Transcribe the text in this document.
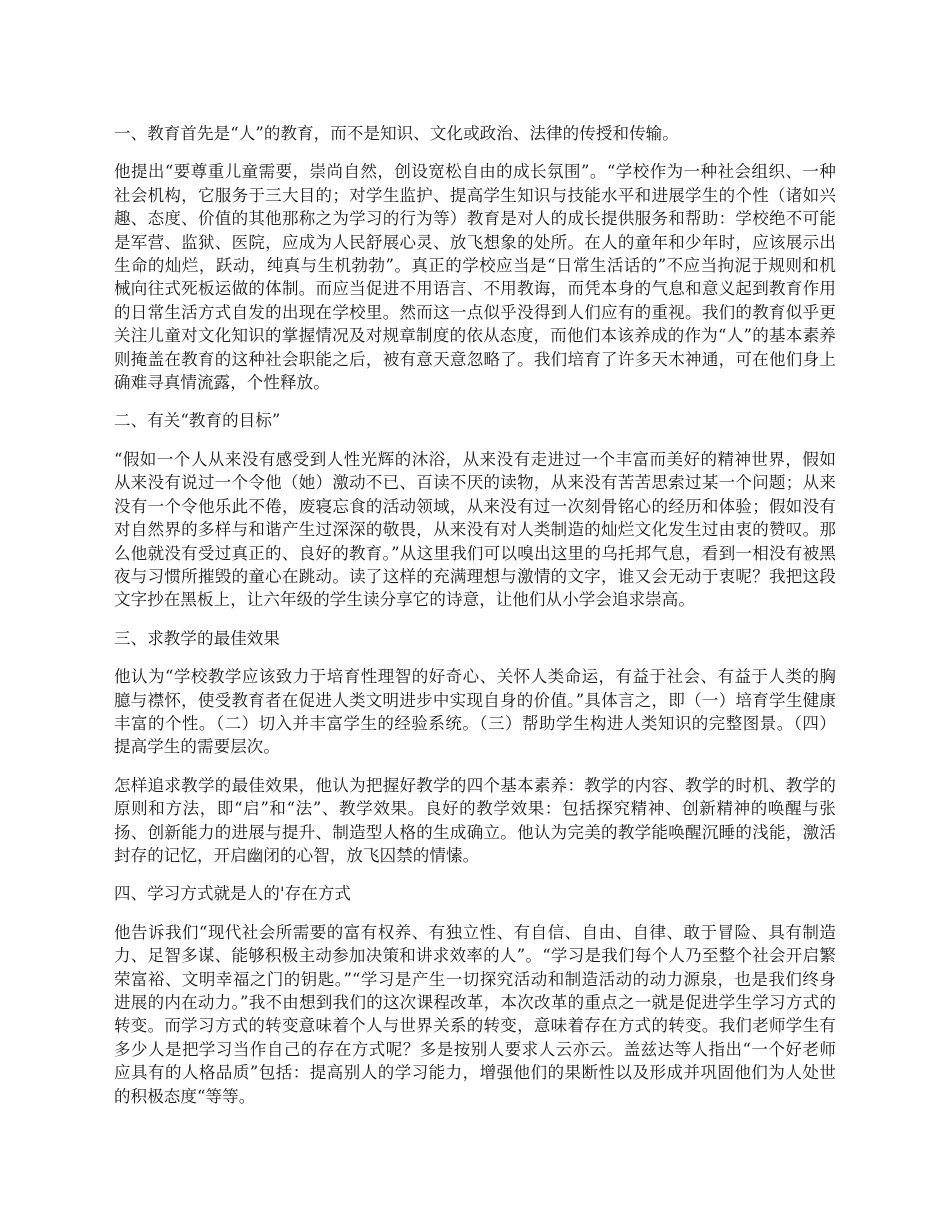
一、教育首先是“人”的教育，而不是知识、文化或政治、法律的传授和传输。

他提出“要尊重儿童需要，崇尚自然，创设宽松自由的成长氛围”。“学校作为一种社会组织、一种社会机构，它服务于三大目的；对学生监护、提高学生知识与技能水平和进展学生的个性（诸如兴趣、态度、价值的其他那称之为学习的行为等）教育是对人的成长提供服务和帮助：学校绝不可能是军营、监狱、医院，应成为人民舒展心灵、放飞想象的处所。在人的童年和少年时，应该展示出生命的灿烂，跃动，纯真与生机勃勃”。真正的学校应当是“日常生活话的”不应当拘泥于规则和机械向往式死板运做的体制。而应当促进不用语言、不用教诲，而凭本身的气息和意义起到教育作用的日常生活方式自发的出现在学校里。然而这一点似乎没得到人们应有的重视。我们的教育似乎更关注儿童对文化知识的掌握情况及对规章制度的依从态度，而他们本该养成的作为“人”的基本素养则掩盖在教育的这种社会职能之后，被有意天意忽略了。我们培育了许多天木神通，可在他们身上确难寻真情流露，个性释放。

二、有关“教育的目标”

“假如一个人从来没有感受到人性光辉的沐浴，从来没有走进过一个丰富而美好的精神世界，假如从来没有说过一个令他（她）激动不已、百读不厌的读物，从来没有苦苦思索过某一个问题；从来没有一个令他乐此不倦，废寝忘食的活动领域，从来没有过一次刻骨铭心的经历和体验；假如没有对自然界的多样与和谐产生过深深的敬畏，从来没有对人类制造的灿烂文化发生过由衷的赞叹。那么他就没有受过真正的、良好的教育。”从这里我们可以嗅出这里的乌托邦气息，看到一相没有被黑夜与习惯所摧毁的童心在跳动。读了这样的充满理想与激情的文字，谁又会无动于衷呢？我把这段文字抄在黑板上，让六年级的学生读分享它的诗意，让他们从小学会追求崇高。

三、求教学的最佳效果

他认为“学校教学应该致力于培育性理智的好奇心、关怀人类命运，有益于社会、有益于人类的胸臆与襟怀，使受教育者在促进人类文明进步中实现自身的价值。”具体言之，即（一）培育学生健康丰富的个性。（二）切入并丰富学生的经验系统。（三）帮助学生构进人类知识的完整图景。（四）提高学生的需要层次。

怎样追求教学的最佳效果，他认为把握好教学的四个基本素养：教学的内容、教学的时机、教学的原则和方法，即“启”和“法”、教学效果。良好的教学效果：包括探究精神、创新精神的唤醒与张扬、创新能力的进展与提升、制造型人格的生成确立。他认为完美的教学能唤醒沉睡的浅能，激活封存的记忆，开启幽闭的心智，放飞囚禁的情愫。

四、学习方式就是人的'存在方式

他告诉我们“现代社会所需要的富有权养、有独立性、有自信、自由、自律、敢于冒险、具有制造力、足智多谋、能够积极主动参加决策和讲求效率的人”。“学习是我们每个人乃至整个社会开启繁荣富裕、文明幸福之门的钥匙。”“学习是产生一切探究活动和制造活动的动力源泉，也是我们终身进展的内在动力。”我不由想到我们的这次课程改革，本次改革的重点之一就是促进学生学习方式的转变。而学习方式的转变意味着个人与世界关系的转变，意味着存在方式的转变。我们老师学生有多少人是把学习当作自己的存在方式呢？多是按别人要求人云亦云。盖兹达等人指出“一个好老师应具有的人格品质”包括：提高别人的学习能力，增强他们的果断性以及形成并巩固他们为人处世的积极态度“等等。
